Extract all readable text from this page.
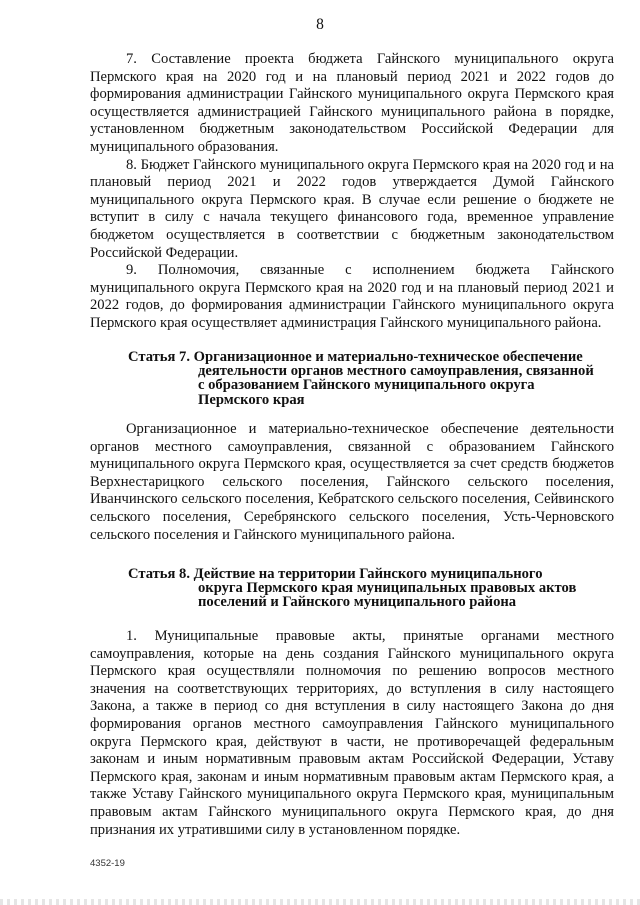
8

7. Составление проекта бюджета Гайнского муниципального округа Пермского края на 2020 год и на плановый период 2021 и 2022 годов до формирования администрации Гайнского муниципального округа Пермского края осуществляется администрацией Гайнского муниципального района в порядке, установленном бюджетным законодательством Российской Федерации для муниципального образования.

8. Бюджет Гайнского муниципального округа Пермского края на 2020 год и на плановый период 2021 и 2022 годов утверждается Думой Гайнского муниципального округа Пермского края. В случае если решение о бюджете не вступит в силу с начала текущего финансового года, временное управление бюджетом осуществляется в соответствии с бюджетным законодательством Российской Федерации.

9. Полномочия, связанные с исполнением бюджета Гайнского муниципального округа Пермского края на 2020 год и на плановый период 2021 и 2022 годов, до формирования администрации Гайнского муниципального округа Пермского края осуществляет администрация Гайнского муниципального района.

Статья 7. Организационное и материально-техническое обеспечение
деятельности органов местного самоуправления, связанной
с образованием Гайнского муниципального округа
Пермского края

Организационное и материально-техническое обеспечение деятельности органов местного самоуправления, связанной с образованием Гайнского муниципального округа Пермского края, осуществляется за счет средств бюджетов Верхнестарицкого сельского поселения, Гайнского сельского поселения, Иванчинского сельского поселения, Кебратского сельского поселения, Сейвинского сельского поселения, Серебрянского сельского поселения, Усть-Черновского сельского поселения и Гайнского муниципального района.

Статья 8. Действие на территории Гайнского муниципального
округа Пермского края муниципальных правовых актов
поселений и Гайнского муниципального района

1. Муниципальные правовые акты, принятые органами местного самоуправления, которые на день создания Гайнского муниципального округа Пермского края осуществляли полномочия по решению вопросов местного значения на соответствующих территориях, до вступления в силу настоящего Закона, а также в период со дня вступления в силу настоящего Закона до дня формирования органов местного самоуправления Гайнского муниципального округа Пермского края, действуют в части, не противоречащей федеральным законам и иным нормативным правовым актам Российской Федерации, Уставу Пермского края, законам и иным нормативным правовым актам Пермского края, а также Уставу Гайнского муниципального округа Пермского края, муниципальным правовым актам Гайнского муниципального округа Пермского края, до дня признания их утратившими силу в установленном порядке.

4352-19
